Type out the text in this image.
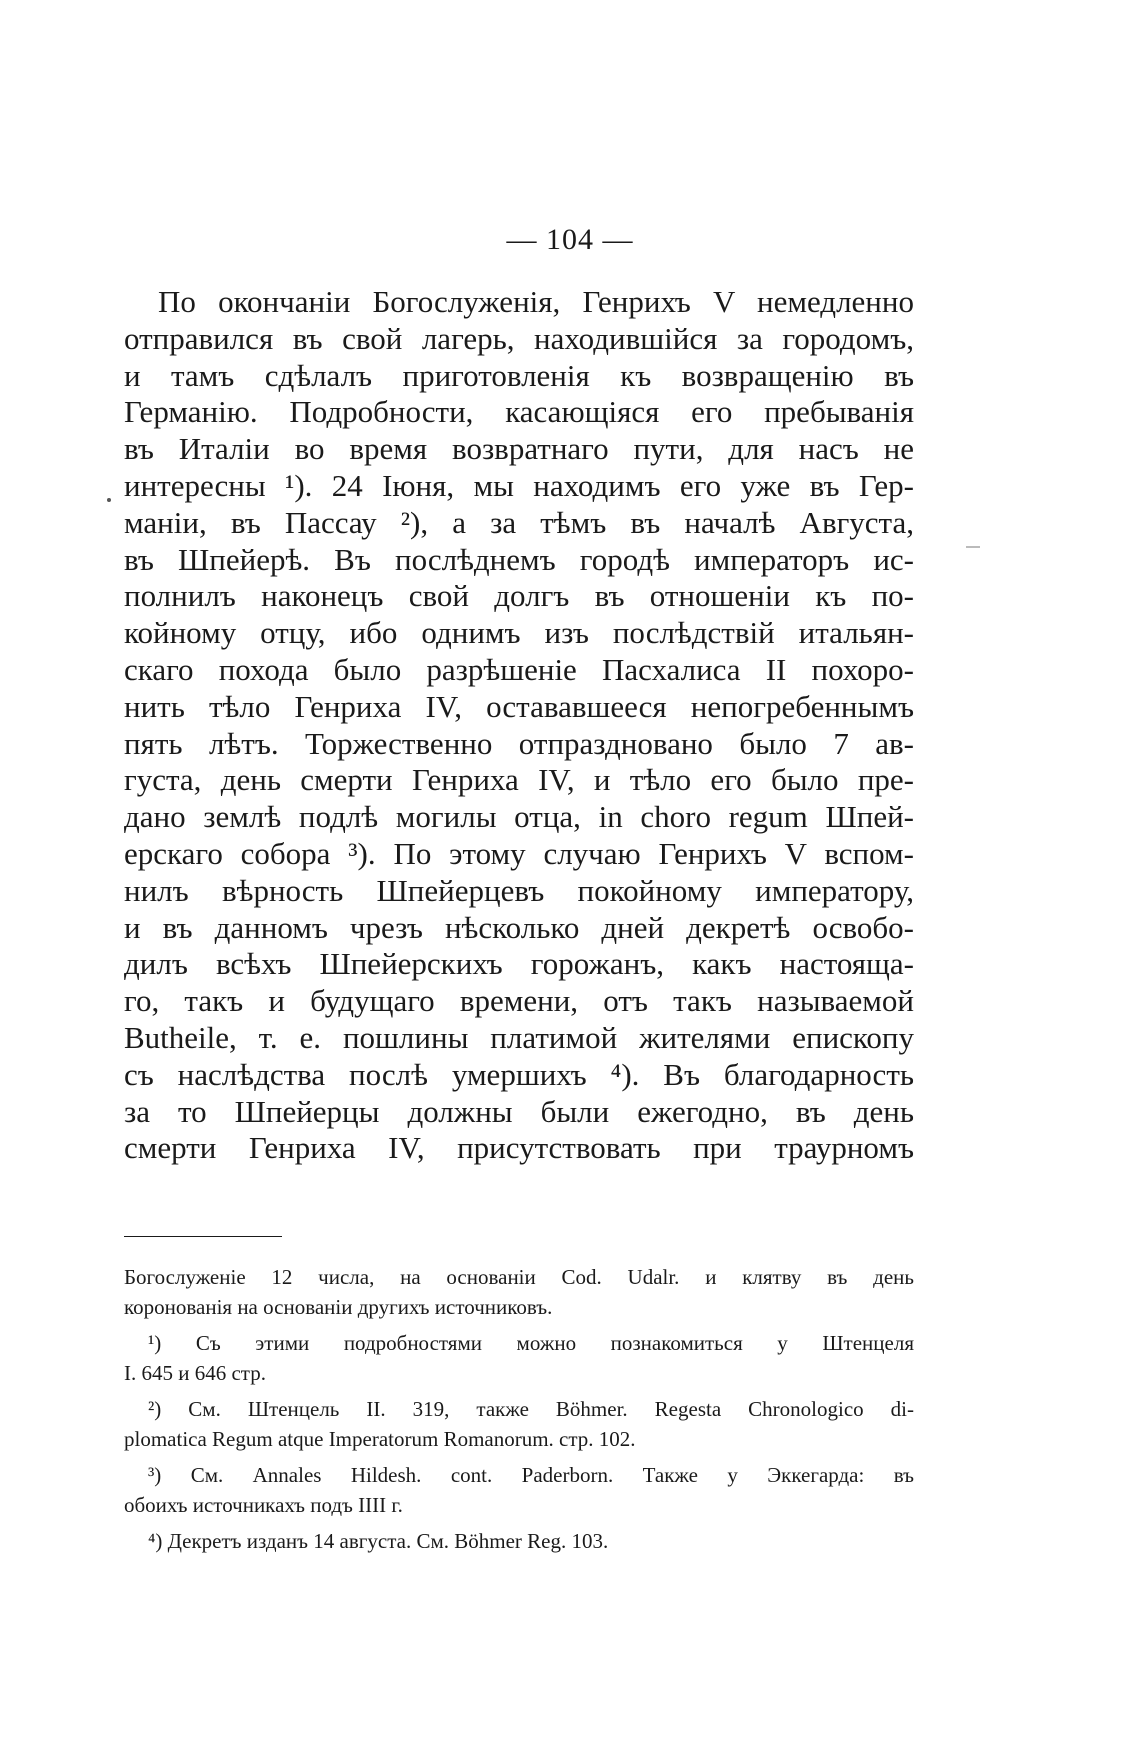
— 104 —
По окончанiи Богослуженiя, Генрихъ V немедленно
отправился въ свой лагерь, находившiйся за городомъ,
и тамъ сдѣлалъ приготовленiя къ возвращенiю въ
Германiю. Подробности, касающiяся его пребыванiя
въ Италiи во время возвратнаго пути, для насъ не
интересны ¹). 24 Iюня, мы находимъ его уже въ Гер-
манiи, въ Пассау ²), а за тѣмъ въ началѣ Августа,
въ Шпейерѣ. Въ послѣднемъ городѣ императоръ ис-
полнилъ наконецъ свой долгъ въ отношенiи къ по-
койному отцу, ибо однимъ изъ послѣдствiй итальян-
скаго похода было разрѣшенiе Пасхалиса II похоро-
нить тѣло Генриха IV, остававшееся непогребеннымъ
пять лѣтъ. Торжественно отпраздновано было 7 ав-
густа, день смерти Генриха IV, и тѣло его было пре-
дано землѣ подлѣ могилы отца, in choro regum Шпей-
ерскаго собора ³). По этому случаю Генрихъ V вспом-
нилъ вѣрность Шпейерцевъ покойному императору,
и въ данномъ чрезъ нѣсколько дней декретѣ освобо-
дилъ всѣхъ Шпейерскихъ горожанъ, какъ настояща-
го, такъ и будущаго времени, отъ такъ называемой
Butheile, т. е. пошлины платимой жителями епископу
съ наслѣдства послѣ умершихъ ⁴). Въ благодарность
за то Шпейерцы должны были ежегодно, въ день
смерти Генриха IV, присутствовать при траурномъ
Богослуженiе 12 числа, на основанiи Cod. Udalr. и клятву въ день
коронованiя на основанiи другихъ источниковъ.
¹) Съ этими подробностями можно познакомиться у Штенцеля
I. 645 и 646 стр.
²) См. Штенцель II. 319, также Böhmer. Regesta Chronologico di-
plomatica Regum atque Imperatorum Romanorum. стр. 102.
³) См. Annales Hildesh. cont. Paderborn. Также у Эккегарда: въ
обоихъ источникахъ подъ IIII г.
⁴) Декретъ изданъ 14 августа. См. Böhmer Reg. 103.
